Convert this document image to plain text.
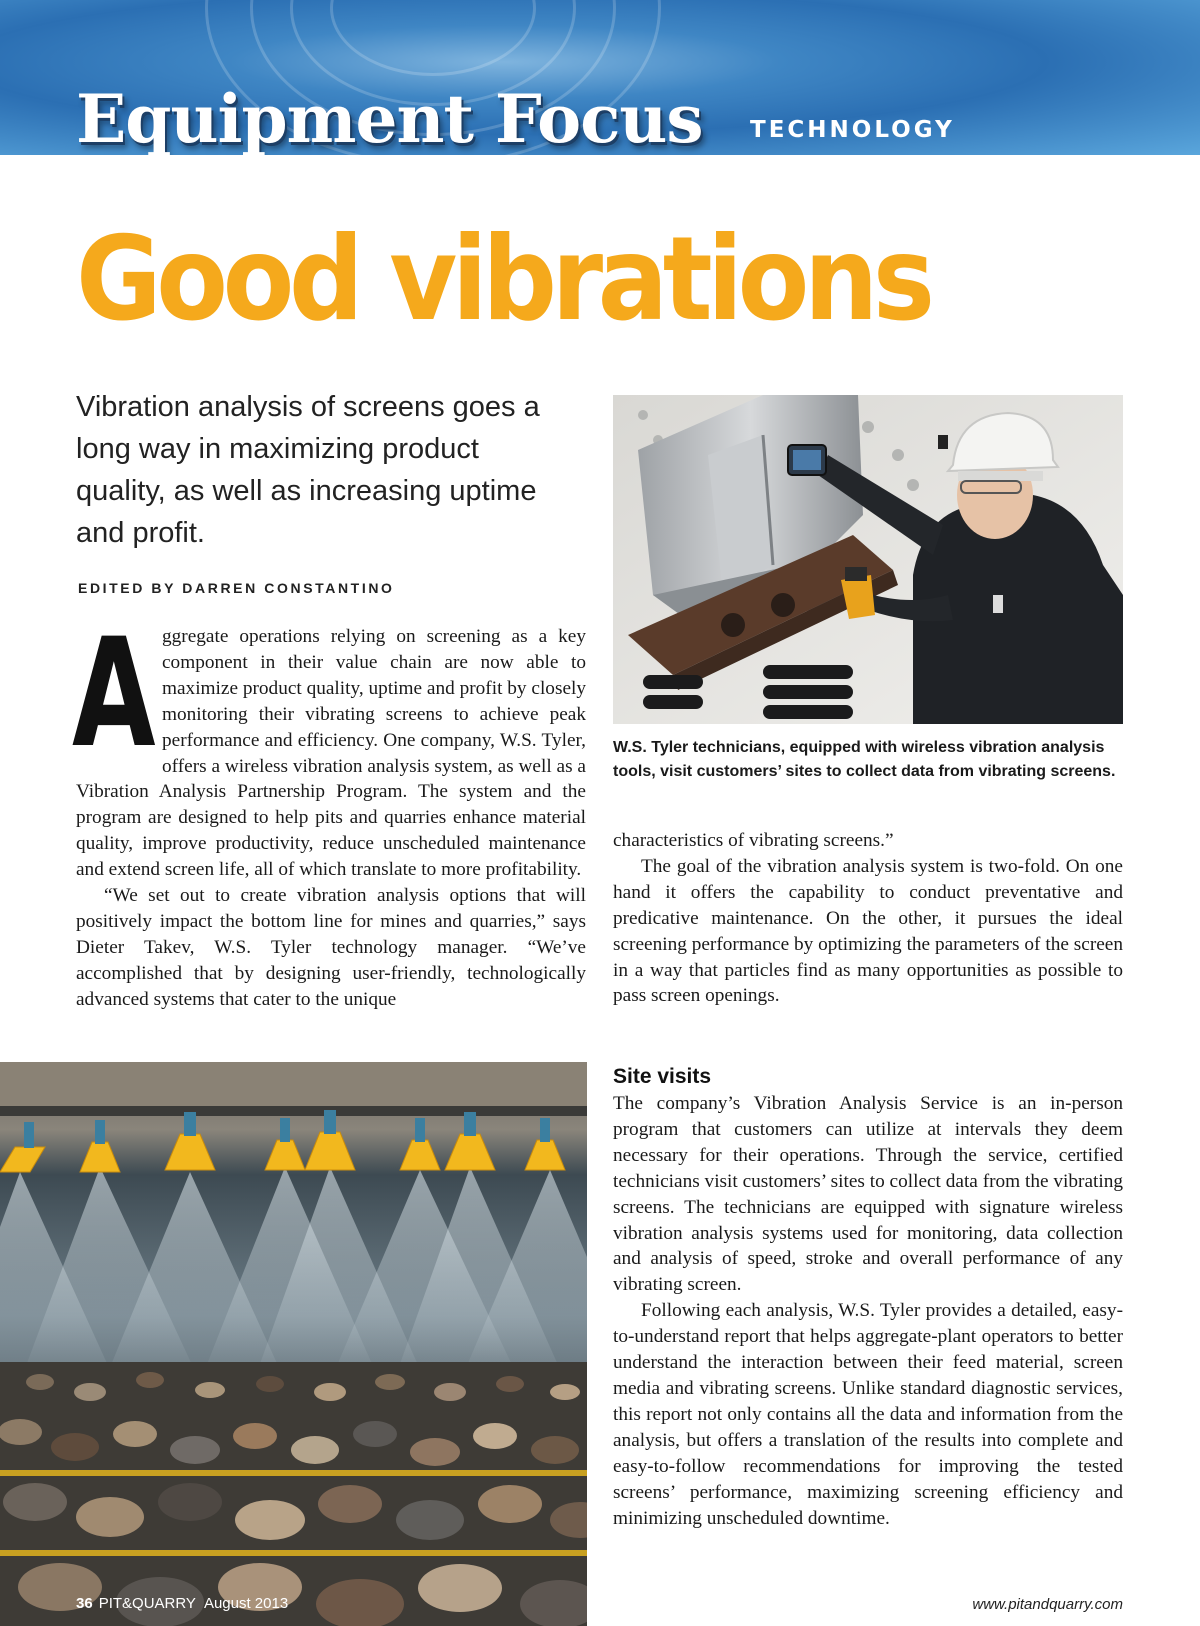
Equipment Focus TECHNOLOGY
Good vibrations
Vibration analysis of screens goes a long way in maximizing product quality, as well as increasing uptime and profit.
EDITED BY DARREN CONSTANTINO
A ggregate operations relying on screening as a key component in their value chain are now able to maximize product quality, uptime and profit by closely monitoring their vibrating screens to achieve peak performance and efficiency. One company, W.S. Tyler, offers a wireless vibration analysis system, as well as a Vibration Analysis Partnership Program. The system and the program are designed to help pits and quarries enhance material quality, improve productivity, reduce unscheduled maintenance and extend screen life, all of which translate to more profitability.

“We set out to create vibration analysis options that will positively impact the bottom line for mines and quarries,” says Dieter Takev, W.S. Tyler technology manager. “We’ve accomplished that by designing user-friendly, technologically advanced systems that cater to the unique

W.S. Tyler technicians, equipped with wireless vibration analysis tools, visit customers’ sites to collect data from vibrating screens.

characteristics of vibrating screens.”

The goal of the vibration analysis system is two-fold. On one hand it offers the capability to conduct preventative and predicative maintenance. On the other, it pursues the ideal screening performance by optimizing the parameters of the screen in a way that particles find as many opportunities as possible to pass screen openings.

Site visits

The company’s Vibration Analysis Service is an in-person program that customers can utilize at intervals they deem necessary for their operations. Through the service, certified technicians visit customers’ sites to collect data from the vibrating screens. The technicians are equipped with signature wireless vibration analysis systems used for monitoring, data collection and analysis of speed, stroke and overall performance of any vibrating screen.

Following each analysis, W.S. Tyler provides a detailed, easy-to-understand report that helps aggregate-plant operators to better understand the interaction between their feed material, screen media and vibrating screens. Unlike standard diagnostic services, this report not only contains all the data and information from the analysis, but offers a translation of the results into complete and easy-to-follow recommendations for improving the tested screens’ performance, maximizing screening efficiency and minimizing unscheduled downtime.

36 PIT&QUARRY August 2013	www.pitandquarry.com
